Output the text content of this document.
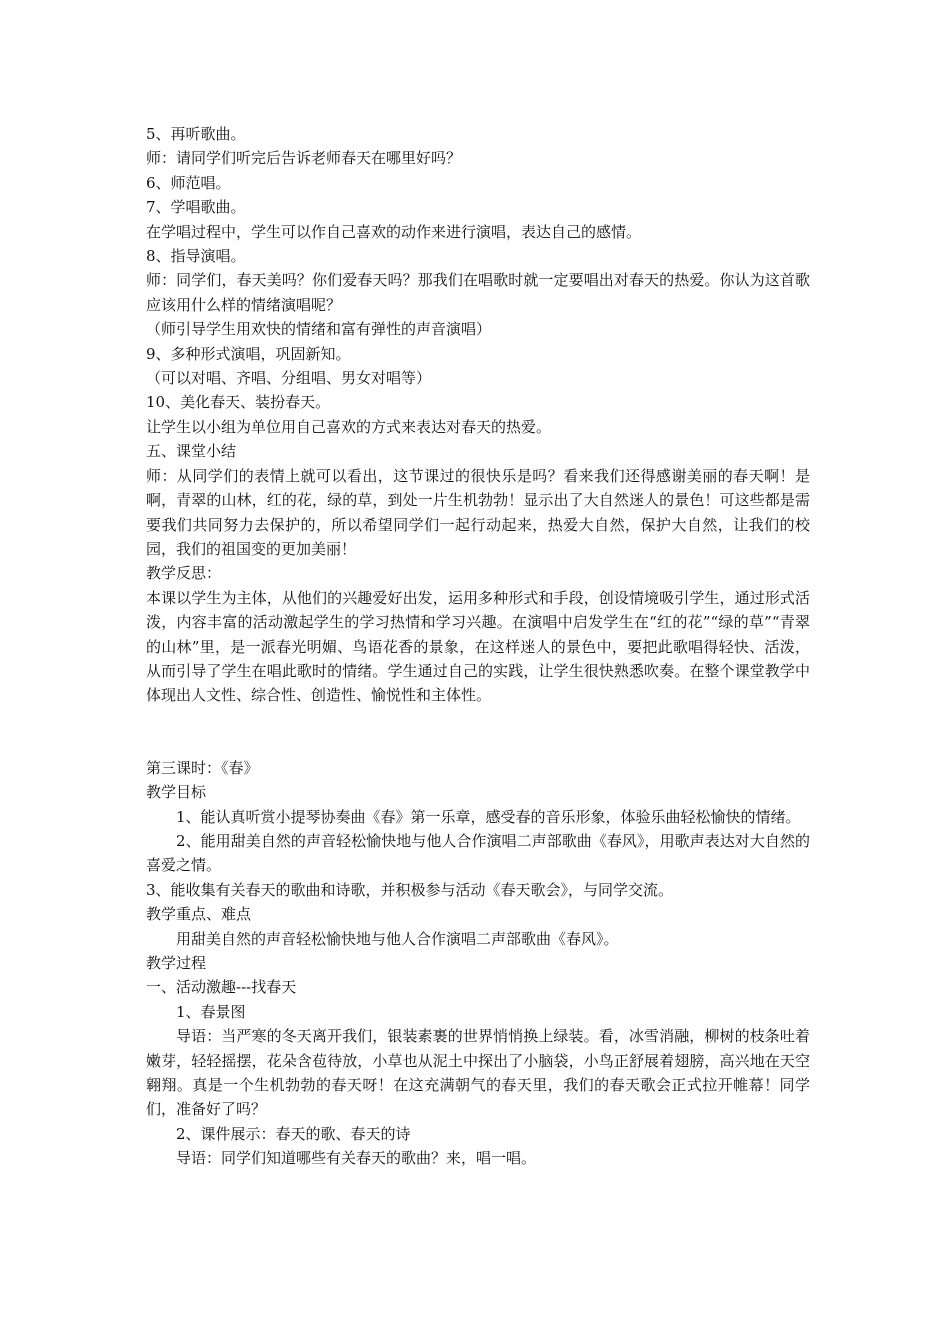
5、再听歌曲。

师：请同学们听完后告诉老师春天在哪里好吗？

6、师范唱。

7、学唱歌曲。

在学唱过程中，学生可以作自己喜欢的动作来进行演唱，表达自己的感情。

8、指导演唱。

师：同学们，春天美吗？你们爱春天吗？那我们在唱歌时就一定要唱出对春天的热爱。你认为这首歌应该用什么样的情绪演唱呢？

（师引导学生用欢快的情绪和富有弹性的声音演唱）

9、多种形式演唱，巩固新知。

（可以对唱、齐唱、分组唱、男女对唱等）

10、美化春天、装扮春天。

让学生以小组为单位用自己喜欢的方式来表达对春天的热爱。

五、课堂小结

师：从同学们的表情上就可以看出，这节课过的很快乐是吗？看来我们还得感谢美丽的春天啊！是啊，青翠的山林，红的花，绿的草，到处一片生机勃勃！显示出了大自然迷人的景色！可这些都是需要我们共同努力去保护的，所以希望同学们一起行动起来，热爱大自然，保护大自然，让我们的校园，我们的祖国变的更加美丽！

教学反思：

本课以学生为主体，从他们的兴趣爱好出发，运用多种形式和手段，创设情境吸引学生，通过形式活泼，内容丰富的活动激起学生的学习热情和学习兴趣。在演唱中启发学生在“红的花”“绿的草”“青翠的山林”里，是一派春光明媚、鸟语花香的景象，在这样迷人的景色中，要把此歌唱得轻快、活泼，从而引导了学生在唱此歌时的情绪。学生通过自己的实践，让学生很快熟悉吹奏。在整个课堂教学中体现出人文性、综合性、创造性、愉悦性和主体性。

第三课时：《春》

教学目标

1、能认真听赏小提琴协奏曲《春》第一乐章，感受春的音乐形象，体验乐曲轻松愉快的情绪。

2、能用甜美自然的声音轻松愉快地与他人合作演唱二声部歌曲《春风》，用歌声表达对大自然的喜爱之情。

3、能收集有关春天的歌曲和诗歌，并积极参与活动《春天歌会》，与同学交流。

教学重点、难点

用甜美自然的声音轻松愉快地与他人合作演唱二声部歌曲《春风》。

教学过程

一、活动激趣---找春天

1、春景图

导语：当严寒的冬天离开我们，银装素裹的世界悄悄换上绿装。看，冰雪消融，柳树的枝条吐着嫩芽，轻轻摇摆，花朵含苞待放，小草也从泥土中探出了小脑袋，小鸟正舒展着翅膀，高兴地在天空翱翔。真是一个生机勃勃的春天呀！在这充满朝气的春天里，我们的春天歌会正式拉开帷幕！同学们，准备好了吗？

2、课件展示：春天的歌、春天的诗

导语：同学们知道哪些有关春天的歌曲？来，唱一唱。
